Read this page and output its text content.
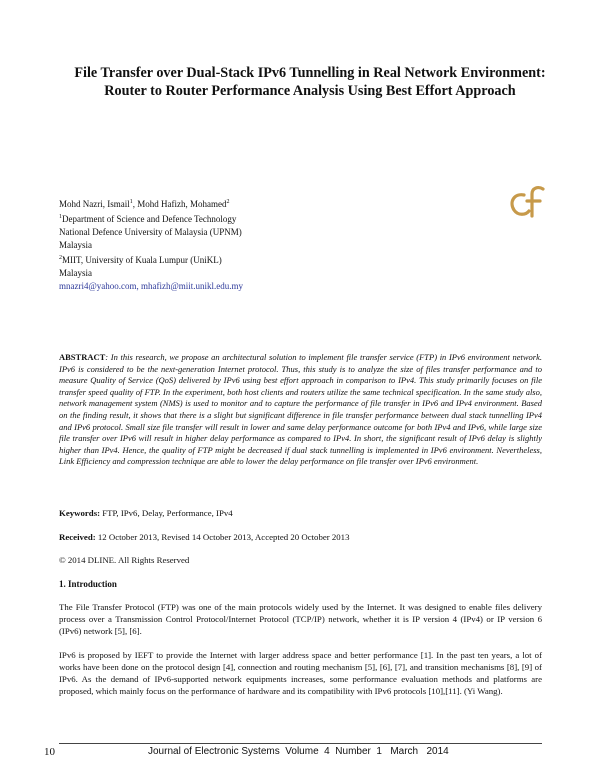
File Transfer over Dual-Stack IPv6 Tunnelling in Real Network Environment: Router to Router Performance Analysis Using Best Effort Approach
Mohd Nazri, Ismail$^1$, Mohd Hafizh, Mohamed$^2$
$^1$Department of Science and Defence Technology
National Defence University of Malaysia (UPNM)
Malaysia
$^2$MIIT, University of Kuala Lumpur (UniKL)
Malaysia
mnazri4@yahoo.com, mhafizh@miit.unikl.edu.my
ABSTRACT: In this research, we propose an architectural solution to implement file transfer service (FTP) in IPv6 environment network. IPv6 is considered to be the next-generation Internet protocol. Thus, this study is to analyze the size of files transfer performance and to measure Quality of Service (QoS) delivered by IPv6 using best effort approach in comparison to IPv4. This study primarily focuses on file transfer speed quality of FTP. In the experiment, both host clients and routers utilize the same technical specification. In the same study also, network management system (NMS) is used to monitor and to capture the performance of file transfer in IPv6 and IPv4 environment. Based on the finding result, it shows that there is a slight but significant difference in file transfer performance between dual stack tunnelling IPv4 and IPv6 protocol. Small size file transfer will result in lower and same delay performance outcome for both IPv4 and IPv6, while large size file transfer over IPv6 will result in higher delay performance as compared to IPv4. In short, the significant result of IPv6 delay is slightly higher than IPv4. Hence, the quality of FTP might be decreased if dual stack tunnelling is implemented in IPv6 environment. Nevertheless, Link Efficiency and compression technique are able to lower the delay performance on file transfer over IPv6 environment.
Keywords: FTP, IPv6, Delay, Performance, IPv4
Received: 12 October 2013, Revised 14 October 2013, Accepted 20 October 2013
© 2014 DLINE. All Rights Reserved
1. Introduction
The File Transfer Protocol (FTP) was one of the main protocols widely used by the Internet. It was designed to enable files delivery process over a Transmission Control Protocol/Internet Protocol (TCP/IP) network, whether it is IP version 4 (IPv4) or IP version 6 (IPv6) network [5], [6].
IPv6 is proposed by IEFT to provide the Internet with larger address space and better performance [1]. In the past ten years, a lot of works have been done on the protocol design [4], connection and routing mechanism [5], [6], [7], and transition mechanisms [8], [9] of IPv6. As the demand of IPv6-supported network equipments increases, some performance evaluation methods and platforms are proposed, which mainly focus on the performance of hardware and its compatibility with IPv6 protocols [10],[11]. (Yi Wang).
10	Journal of Electronic Systems  Volume  4  Number  1   March   2014
